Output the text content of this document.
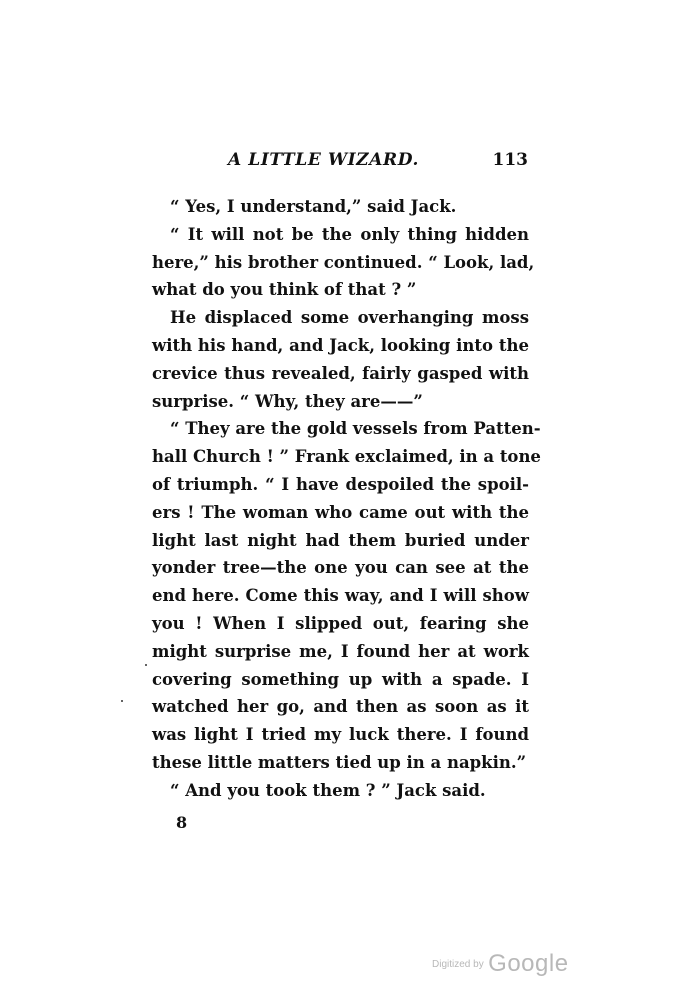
A LITTLE WIZARD.	113
“ Yes, I understand,” said Jack.
“ It will not be the only thing hidden
here,” his brother continued. “ Look, lad,
what do you think of that ? ”
He displaced some overhanging moss
with his hand, and Jack, looking into the
crevice thus revealed, fairly gasped with
surprise. “ Why, they are——”
“ They are the gold vessels from Patten-
hall Church ! ” Frank exclaimed, in a tone
of triumph. “ I have despoiled the spoil-
ers ! The woman who came out with the
light last night had them buried under
yonder tree—the one you can see at the
end here. Come this way, and I will show
you ! When I slipped out, fearing she
might surprise me, I found her at work
covering something up with a spade. I
watched her go, and then as soon as it
was light I tried my luck there. I found
these little matters tied up in a napkin.”
“ And you took them ? ” Jack said.
8
$^{Digitized by}$ Google
